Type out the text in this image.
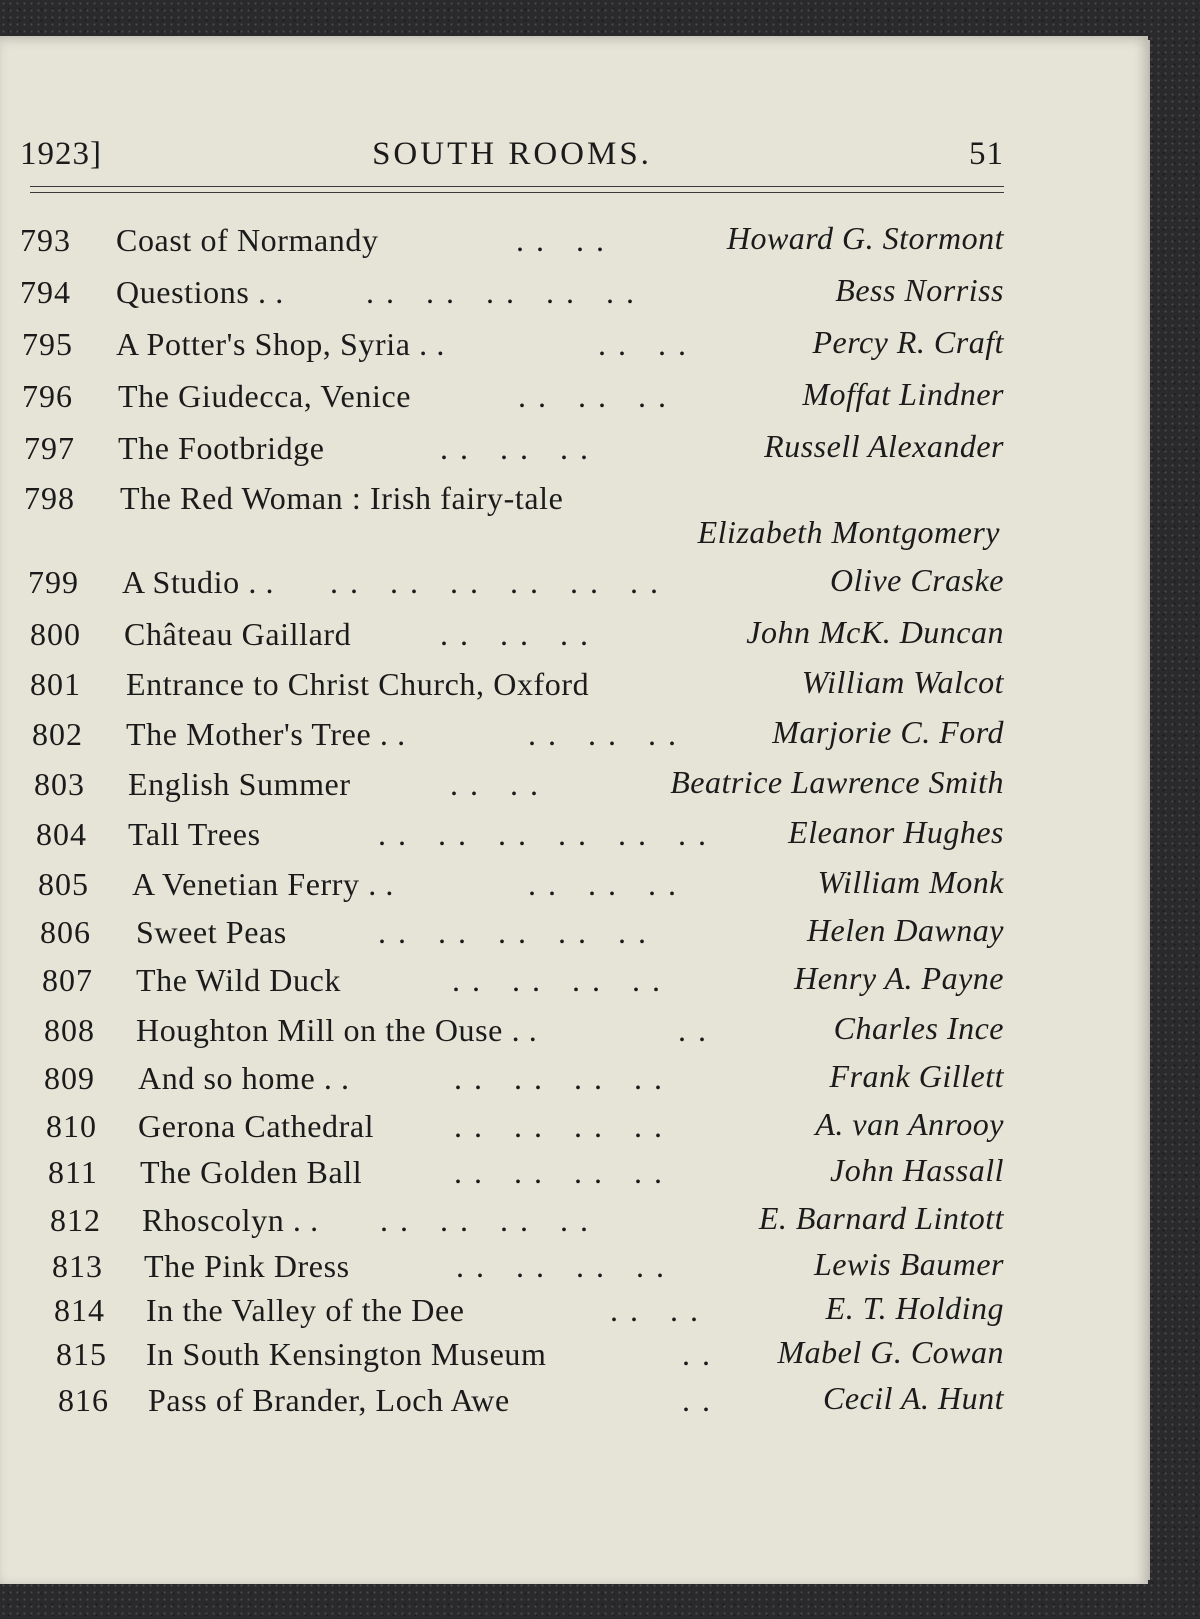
1923]	SOUTH ROOMS.	51
793 Coast of Normandy	. .   . .	Howard G. Stormont
794 Questions . .	. .   . .   . .   . .   . .	Bess Norriss
795 A Potter's Shop, Syria . .	. .   . .	Percy R. Craft
796 The Giudecca, Venice	. .   . .   . .	Moffat Lindner
797 The Footbridge	. .   . .   . .	Russell Alexander
798 The Red Woman : Irish fairy-tale
Elizabeth Montgomery
799 A Studio . . . .   . .   . .   . .   . .   . .	Olive Craske
800 Château Gaillard	. .   . .   . .	John McK. Duncan
801 Entrance to Christ Church, Oxford	William Walcot
802 The Mother's Tree . .	. .   . .   . .	Marjorie C. Ford
803 English Summer	. .   . .	Beatrice Lawrence Smith
804 Tall Trees	. .   . .   . .   . .   . .   . .	Eleanor Hughes
805 A Venetian Ferry . .	. .   . .   . .	William Monk
806 Sweet Peas	. .   . .   . .   . .   . .	Helen Dawnay
807 The Wild Duck	. .   . .   . .   . .	Henry A. Payne
808 Houghton Mill on the Ouse . .	. .	Charles Ince
809 And so home . .	. .   . .   . .   . .	Frank Gillett
810 Gerona Cathedral . .   . .   . .   . .	A. van Anrooy
811 The Golden Ball	. .   . .   . .   . .	John Hassall
812 Rhoscolyn . . . .   . .   . .   . .	E. Barnard Lintott
813 The Pink Dress	. .   . .   . .   . .	Lewis Baumer
814 In the Valley of the Dee	. .   . .	E. T. Holding
815 In South Kensington Museum	. . Mabel G. Cowan
816 Pass of Brander, Loch Awe	. .	Cecil A. Hunt
